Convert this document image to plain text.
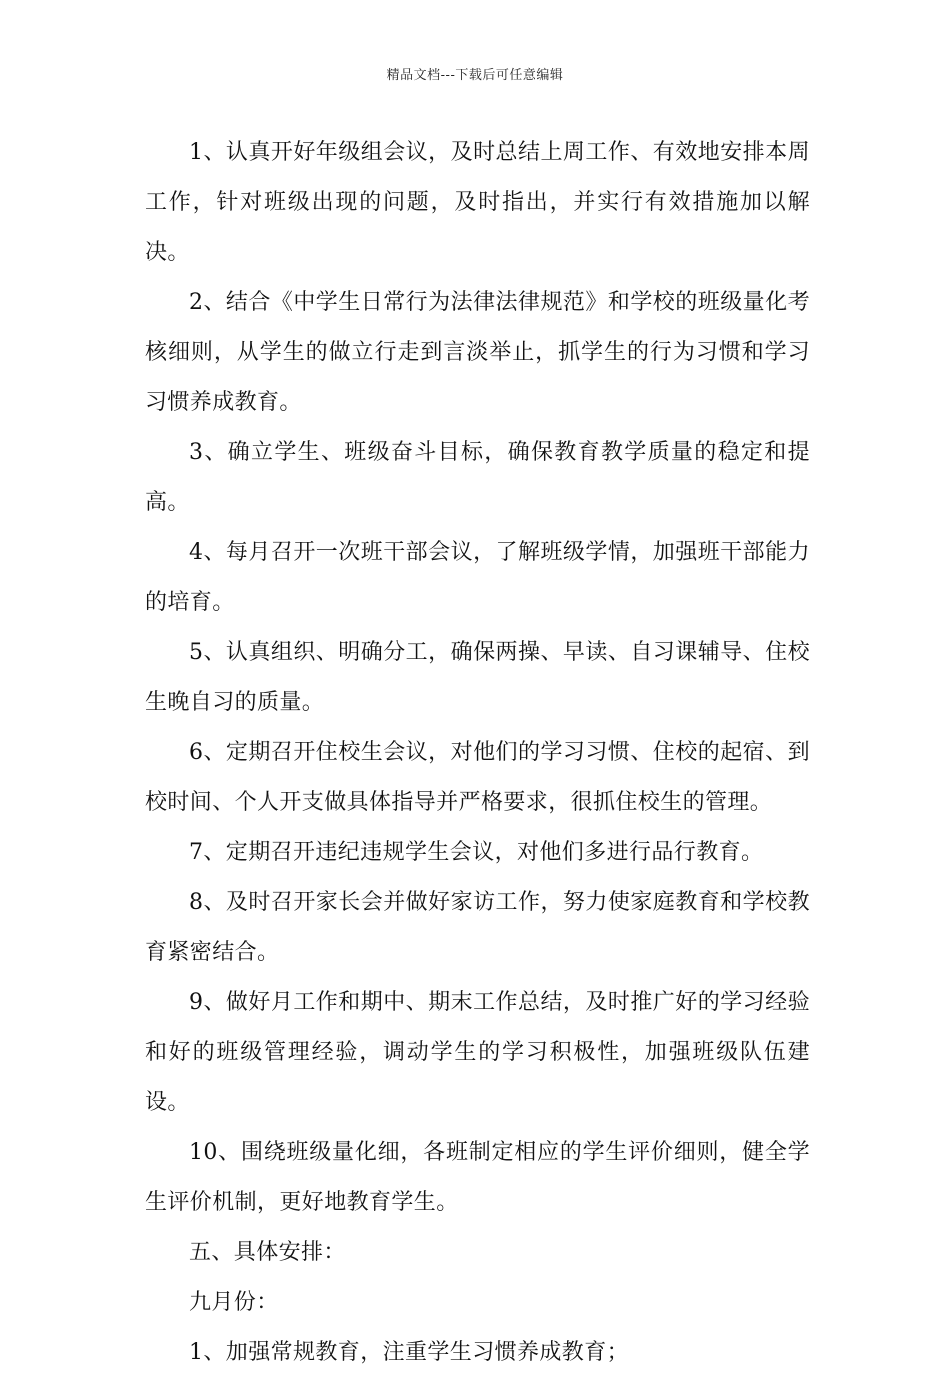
精品文档---下载后可任意编辑

1、认真开好年级组会议，及时总结上周工作、有效地安排本周工作，针对班级出现的问题，及时指出，并实行有效措施加以解决。

2、结合《中学生日常行为法律法律规范》和学校的班级量化考核细则，从学生的做立行走到言淡举止，抓学生的行为习惯和学习习惯养成教育。

3、确立学生、班级奋斗目标，确保教育教学质量的稳定和提高。

4、每月召开一次班干部会议，了解班级学情，加强班干部能力的培育。

5、认真组织、明确分工，确保两操、早读、自习课辅导、住校生晚自习的质量。

6、定期召开住校生会议，对他们的学习习惯、住校的起宿、到校时间、个人开支做具体指导并严格要求，很抓住校生的管理。

7、定期召开违纪违规学生会议，对他们多进行品行教育。

8、及时召开家长会并做好家访工作，努力使家庭教育和学校教育紧密结合。

9、做好月工作和期中、期末工作总结，及时推广好的学习经验和好的班级管理经验，调动学生的学习积极性，加强班级队伍建设。

10、围绕班级量化细，各班制定相应的学生评价细则，健全学生评价机制，更好地教育学生。

五、具体安排：

九月份：

1、加强常规教育，注重学生习惯养成教育；
